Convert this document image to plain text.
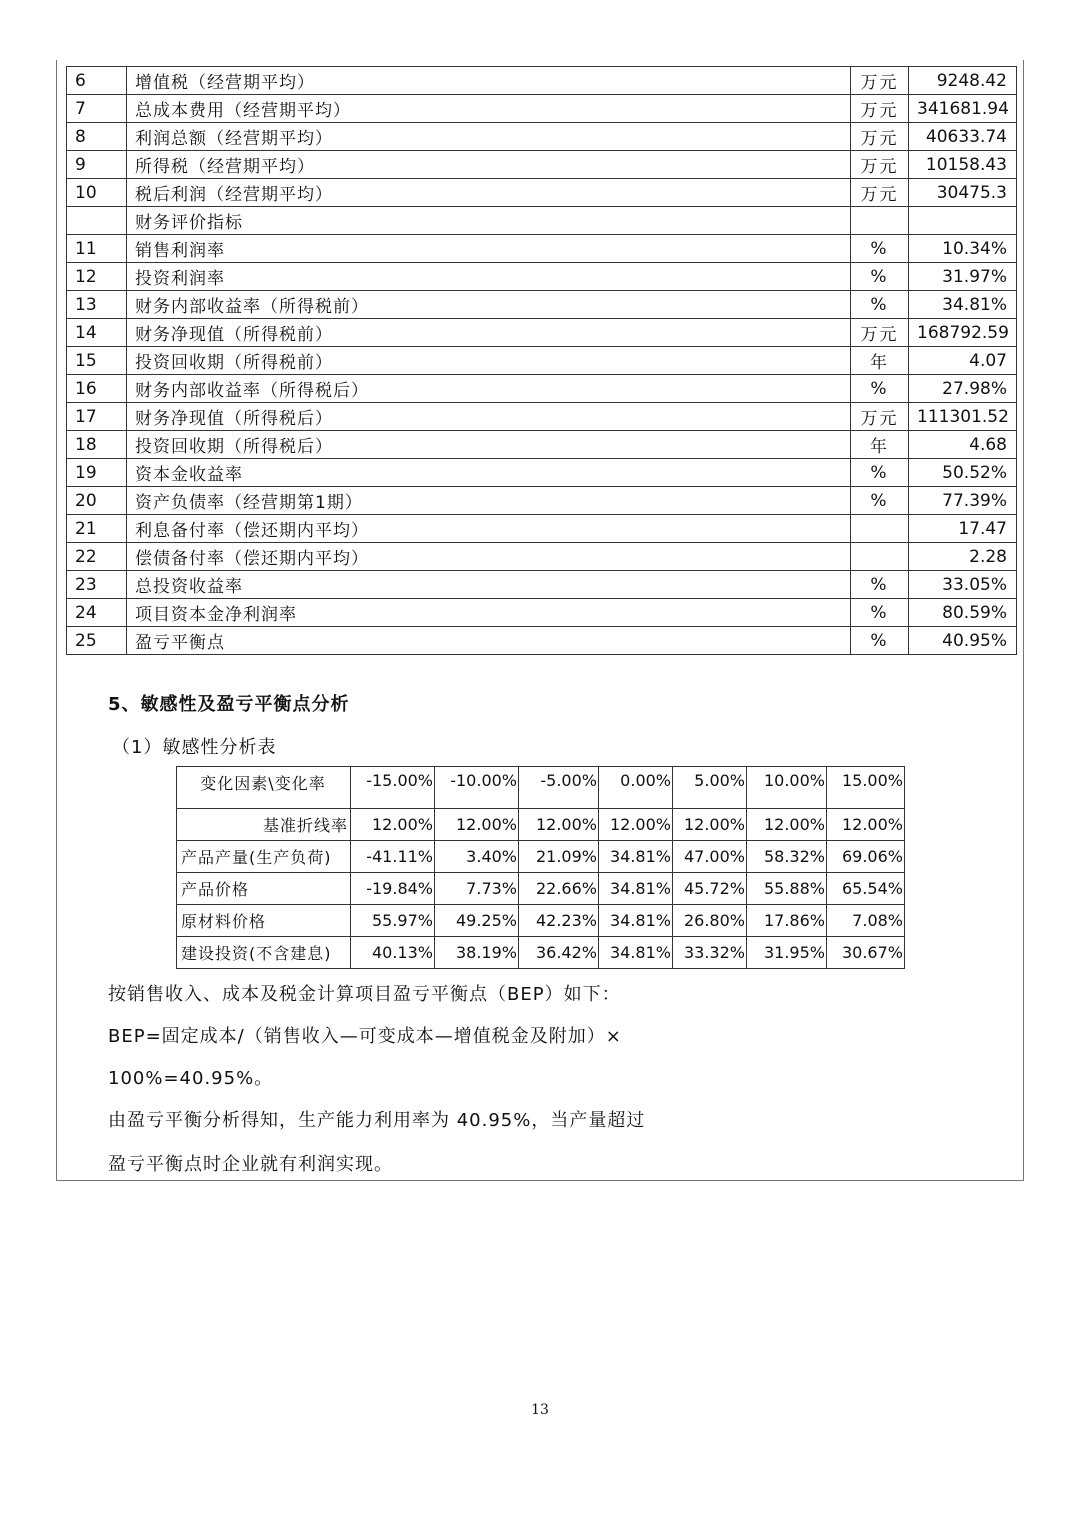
6	增值税（经营期平均）	万元	9248.42
7	总成本费用（经营期平均）	万元	341681.94
8	利润总额（经营期平均）	万元	40633.74
9	所得税（经营期平均）	万元	10158.43
10	税后利润（经营期平均）	万元	30475.3
	财务评价指标		
11	销售利润率	%	10.34%
12	投资利润率	%	31.97%
13	财务内部收益率（所得税前）	%	34.81%
14	财务净现值（所得税前）	万元	168792.59
15	投资回收期（所得税前）	年	4.07
16	财务内部收益率（所得税后）	%	27.98%
17	财务净现值（所得税后）	万元	111301.52
18	投资回收期（所得税后）	年	4.68
19	资本金收益率	%	50.52%
20	资产负债率（经营期第1期）	%	77.39%
21	利息备付率（偿还期内平均）		17.47
22	偿债备付率（偿还期内平均）		2.28
23	总投资收益率	%	33.05%
24	项目资本金净利润率	%	80.59%
25	盈亏平衡点	%	40.95%
5、敏感性及盈亏平衡点分析
（1）敏感性分析表
变化因素\变化率	-15.00%	-10.00%	-5.00%	0.00%	5.00%	10.00%	15.00%
基准折线率	12.00%	12.00%	12.00%	12.00%	12.00%	12.00%	12.00%
产品产量(生产负荷)	-41.11%	3.40%	21.09%	34.81%	47.00%	58.32%	69.06%
产品价格	-19.84%	7.73%	22.66%	34.81%	45.72%	55.88%	65.54%
原材料价格	55.97%	49.25%	42.23%	34.81%	26.80%	17.86%	7.08%
建设投资(不含建息)	40.13%	38.19%	36.42%	34.81%	33.32%	31.95%	30.67%
按销售收入、成本及税金计算项目盈亏平衡点（BEP）如下：
BEP=固定成本/（销售收入—可变成本—增值税金及附加）×
100%=40.95%。
由盈亏平衡分析得知，生产能力利用率为 40.95%，当产量超过
盈亏平衡点时企业就有利润实现。
13
